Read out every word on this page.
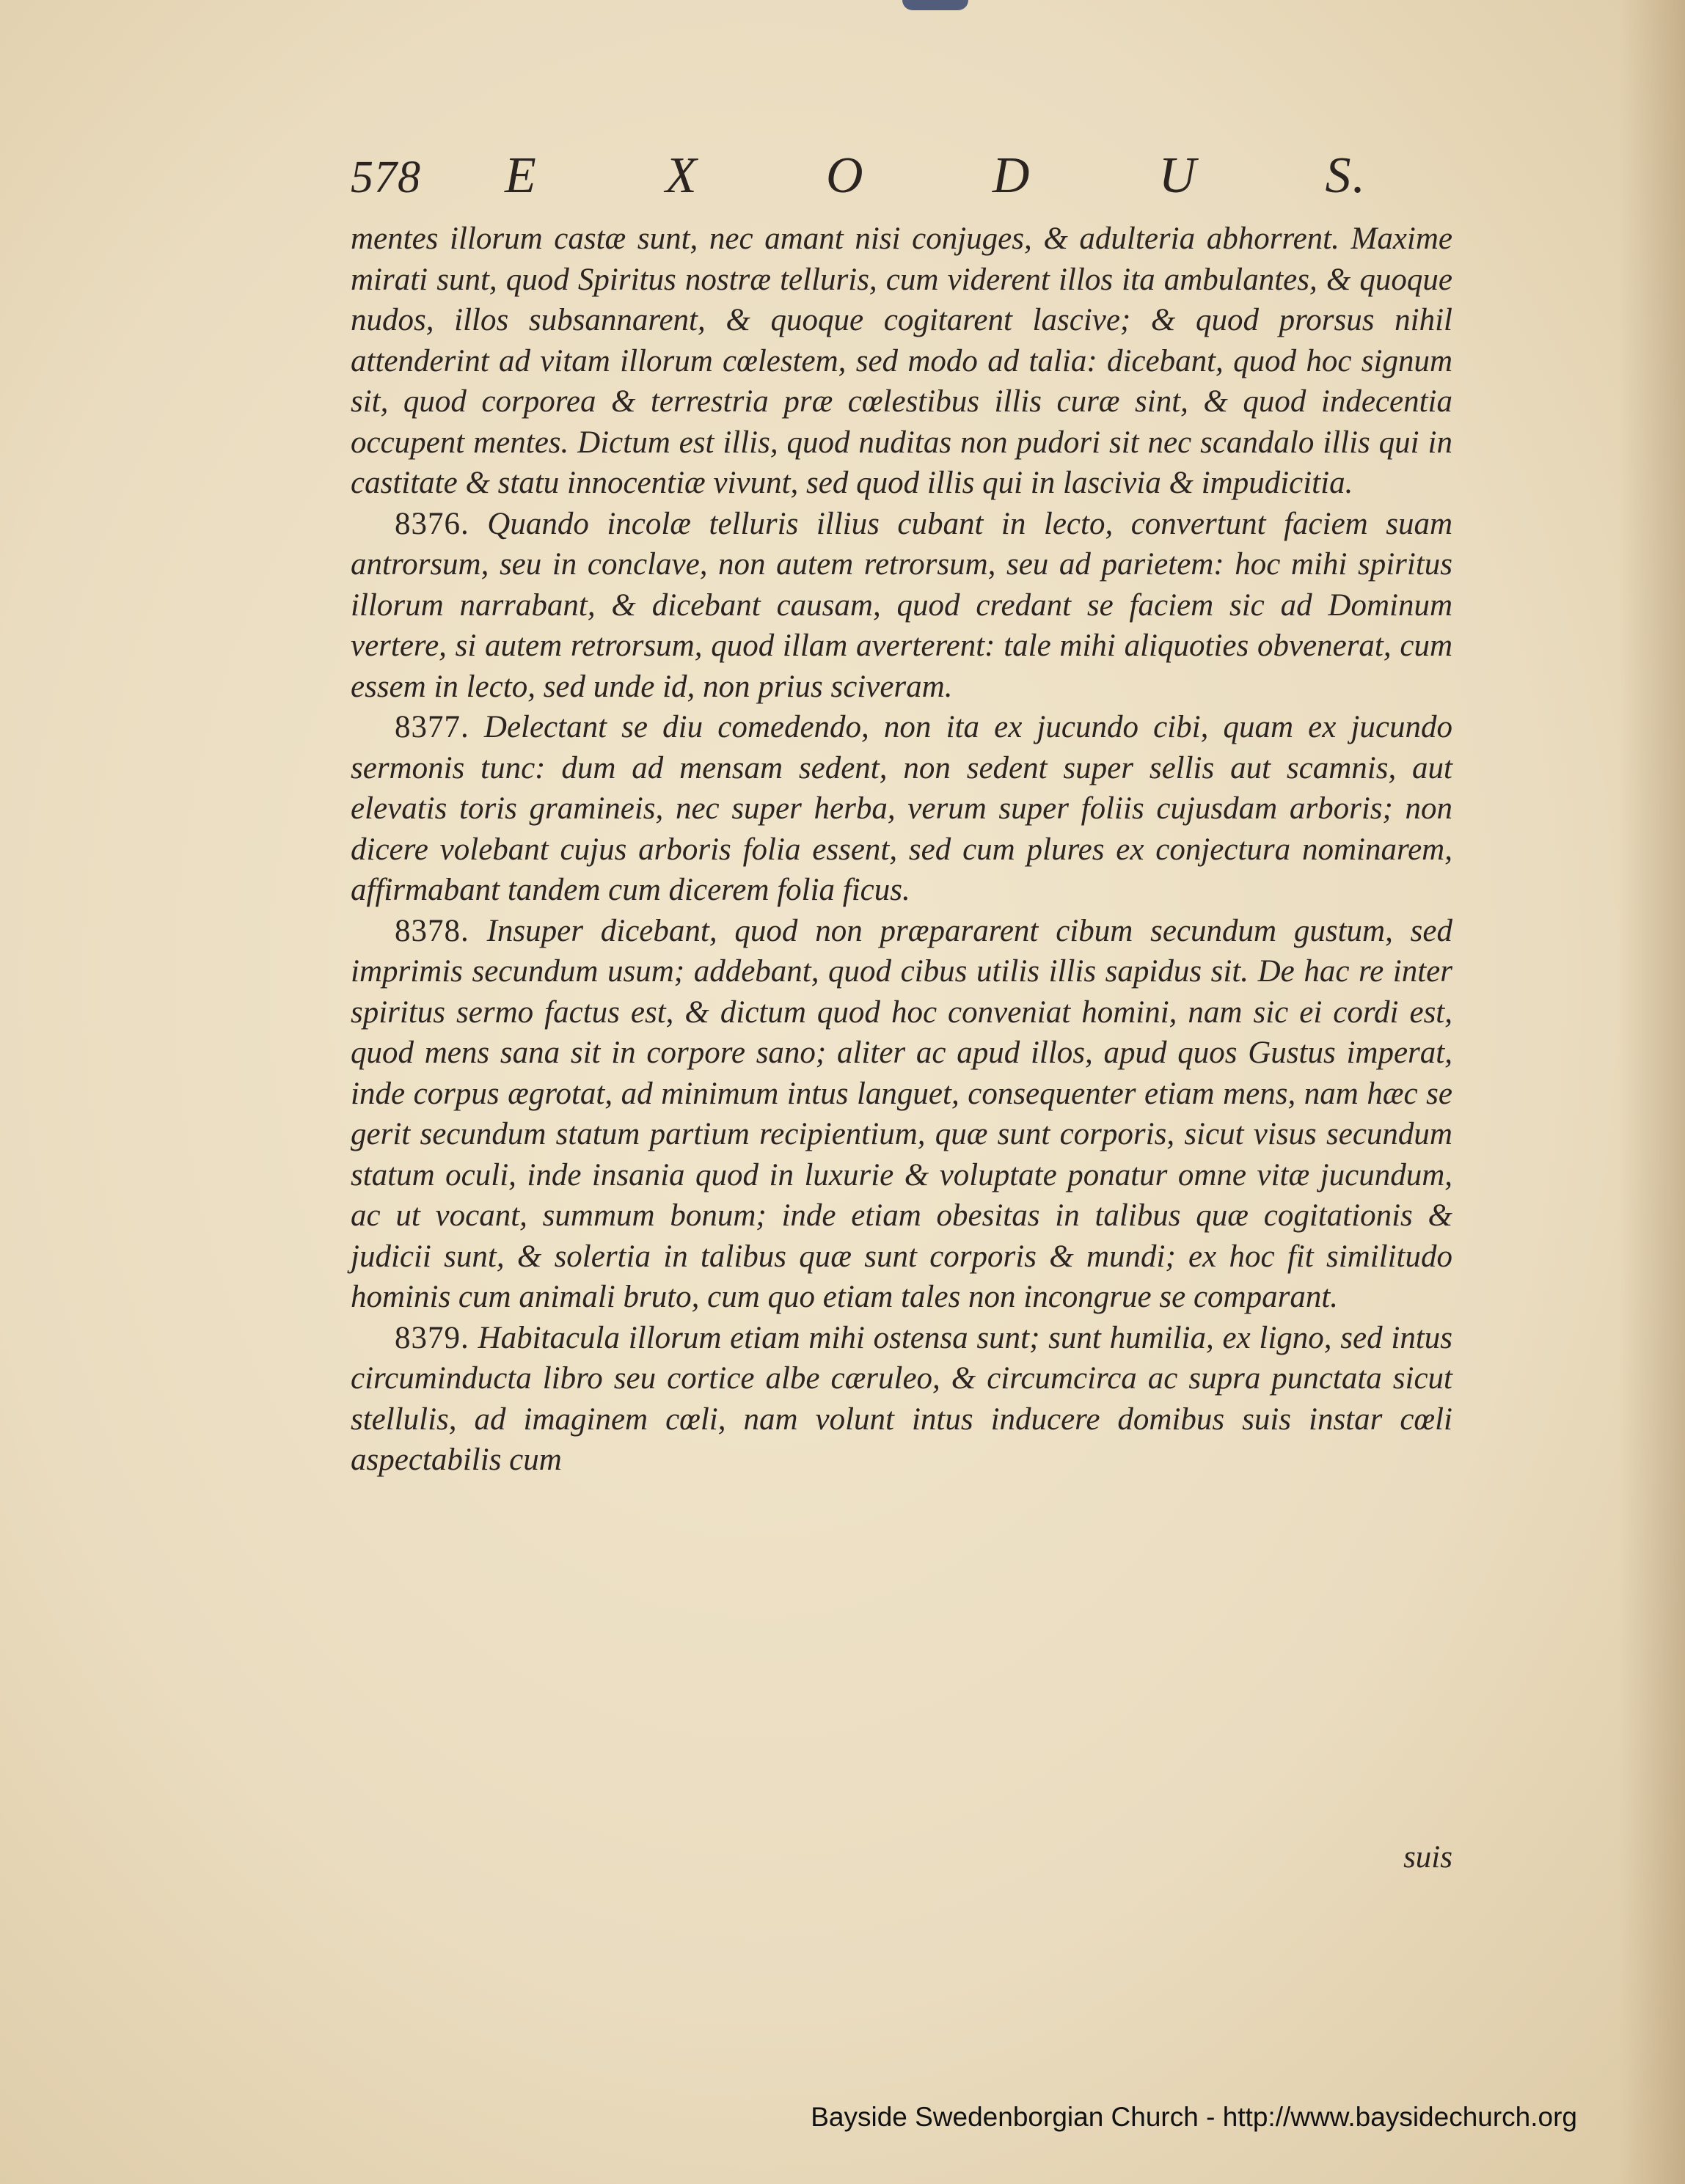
578	E X O D U S.

mentes illorum castæ sunt, nec amant nisi conjuges, & adulteria abhorrent. Maxime mirati sunt, quod Spiritus nostræ telluris, cum viderent illos ita ambulantes, & quoque nudos, illos subsannarent, & quoque cogitarent lascive; & quod prorsus nihil attenderint ad vitam illorum cœlestem, sed modo ad talia: dicebant, quod hoc signum sit, quod corporea & terrestria præ cœlestibus illis curæ sint, & quod indecentia occupent mentes. Dictum est illis, quod nuditas non pudori sit nec scandalo illis qui in castitate & statu innocentiæ vivunt, sed quod illis qui in lascivia & impudicitia.

8376. Quando incolæ telluris illius cubant in lecto, convertunt faciem suam antrorsum, seu in conclave, non autem retrorsum, seu ad parietem: hoc mihi spiritus illorum narrabant, & dicebant causam, quod credant se faciem sic ad Dominum vertere, si autem retrorsum, quod illam averterent: tale mihi aliquoties obvenerat, cum essem in lecto, sed unde id, non prius sciveram.

8377. Delectant se diu comedendo, non ita ex jucundo cibi, quam ex jucundo sermonis tunc: dum ad mensam sedent, non sedent super sellis aut scamnis, aut elevatis toris gramineis, nec super herba, verum super foliis cujusdam arboris; non dicere volebant cujus arboris folia essent, sed cum plures ex conjectura nominarem, affirmabant tandem cum dicerem folia ficus.

8378. Insuper dicebant, quod non præpararent cibum secundum gustum, sed imprimis secundum usum; addebant, quod cibus utilis illis sapidus sit. De hac re inter spiritus sermo factus est, & dictum quod hoc conveniat homini, nam sic ei cordi est, quod mens sana sit in corpore sano; aliter ac apud illos, apud quos Gustus imperat, inde corpus ægrotat, ad minimum intus languet, consequenter etiam mens, nam hæc se gerit secundum statum partium recipientium, quæ sunt corporis, sicut visus secundum statum oculi, inde insania quod in luxurie & voluptate ponatur omne vitæ jucundum, ac ut vocant, summum bonum; inde etiam obesitas in talibus quæ cogitationis & judicii sunt, & solertia in talibus quæ sunt corporis & mundi; ex hoc fit similitudo hominis cum animali bruto, cum quo etiam tales non incongrue se comparant.

8379. Habitacula illorum etiam mihi ostensa sunt; sunt humilia, ex ligno, sed intus circuminducta libro seu cortice albe cæruleo, & circumcirca ac supra punctata sicut stellulis, ad imaginem cœli, nam volunt intus inducere domibus suis instar cœli aspectabilis cum

suis
Bayside Swedenborgian Church - http://www.baysidechurch.org
